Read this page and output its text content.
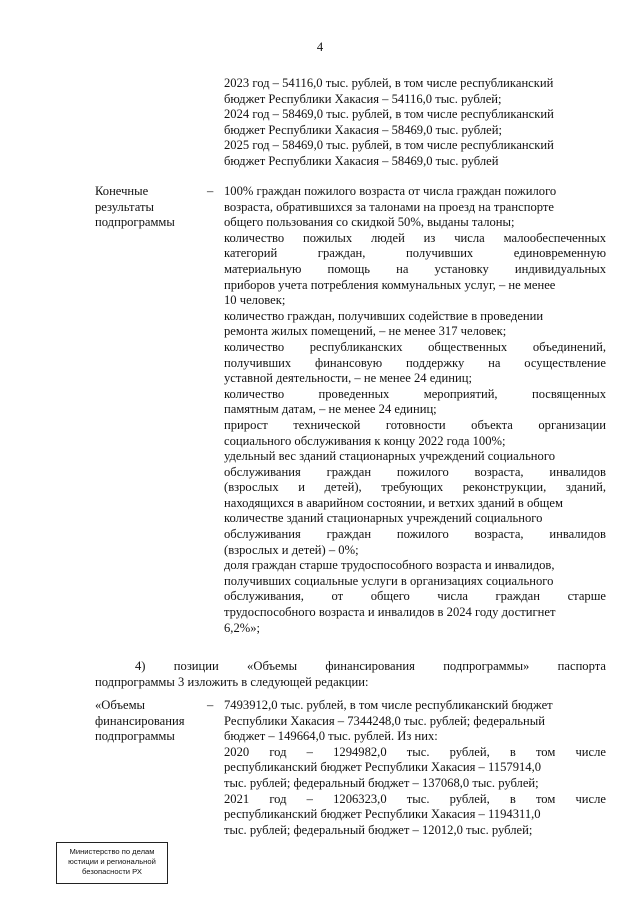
4
2023 год – 54116,0 тыс. рублей, в том числе республиканский
бюджет Республики Хакасия – 54116,0 тыс. рублей;
2024 год – 58469,0 тыс. рублей, в том числе республиканский
бюджет Республики Хакасия – 58469,0 тыс. рублей;
2025 год – 58469,0 тыс. рублей, в том числе республиканский
бюджет Республики Хакасия – 58469,0 тыс. рублей
Конечные
результаты
подпрограммы
– 100% граждан пожилого возраста от числа граждан пожилого
возраста, обратившихся за талонами на проезд на транспорте
общего пользования со скидкой 50%, выданы талоны;
количество пожилых людей из числа малообеспеченных
категорий граждан, получивших единовременную
материальную помощь на установку индивидуальных
приборов учета потребления коммунальных услуг, – не менее
10 человек;
количество граждан, получивших содействие в проведении
ремонта жилых помещений, – не менее 317 человек;
количество республиканских общественных объединений,
получивших финансовую поддержку на осуществление
уставной деятельности, – не менее 24 единиц;
количество проведенных мероприятий, посвященных
памятным датам, – не менее 24 единиц;
прирост технической готовности объекта организации
социального обслуживания к концу 2022 года 100%;
удельный вес зданий стационарных учреждений социального
обслуживания граждан пожилого возраста, инвалидов
(взрослых и детей), требующих реконструкции, зданий,
находящихся в аварийном состоянии, и ветхих зданий в общем
количестве зданий стационарных учреждений социального
обслуживания граждан пожилого возраста, инвалидов
(взрослых и детей) – 0%;
доля граждан старше трудоспособного возраста и инвалидов,
получивших социальные услуги в организациях социального
обслуживания, от общего числа граждан старше
трудоспособного возраста и инвалидов в 2024 году достигнет
6,2%»;
4) позиции «Объемы финансирования подпрограммы» паспорта
подпрограммы 3 изложить в следующей редакции:
«Объемы
финансирования
подпрограммы
– 7493912,0 тыс. рублей, в том числе республиканский бюджет
Республики Хакасия – 7344248,0 тыс. рублей; федеральный
бюджет – 149664,0 тыс. рублей. Из них:
2020 год – 1294982,0 тыс. рублей, в том числе
республиканский бюджет Республики Хакасия – 1157914,0
тыс. рублей; федеральный бюджет – 137068,0 тыс. рублей;
2021 год – 1206323,0 тыс. рублей, в том числе
республиканский бюджет Республики Хакасия – 1194311,0
тыс. рублей; федеральный бюджет – 12012,0 тыс. рублей;
Министерство по делам
юстиции и региональной
безопасности РХ
